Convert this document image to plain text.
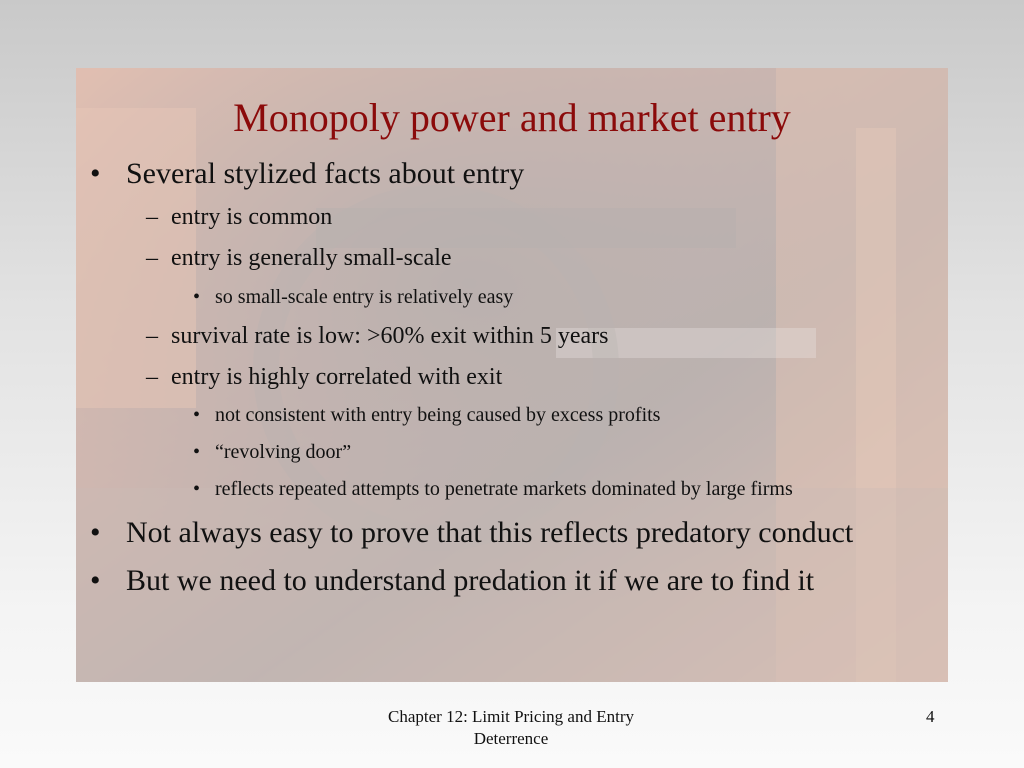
Monopoly power and market entry
• Several stylized facts about entry
– entry is common
– entry is generally small-scale
• so small-scale entry is relatively easy
– survival rate is low: >60% exit within 5 years
– entry is highly correlated with exit
• not consistent with entry being caused by excess profits
• “revolving door”
• reflects repeated attempts to penetrate markets dominated by large firms
• Not always easy to prove that this reflects predatory conduct
• But we need to understand predation it if we are to find it
Chapter 12: Limit Pricing and Entry
Deterrence
4
